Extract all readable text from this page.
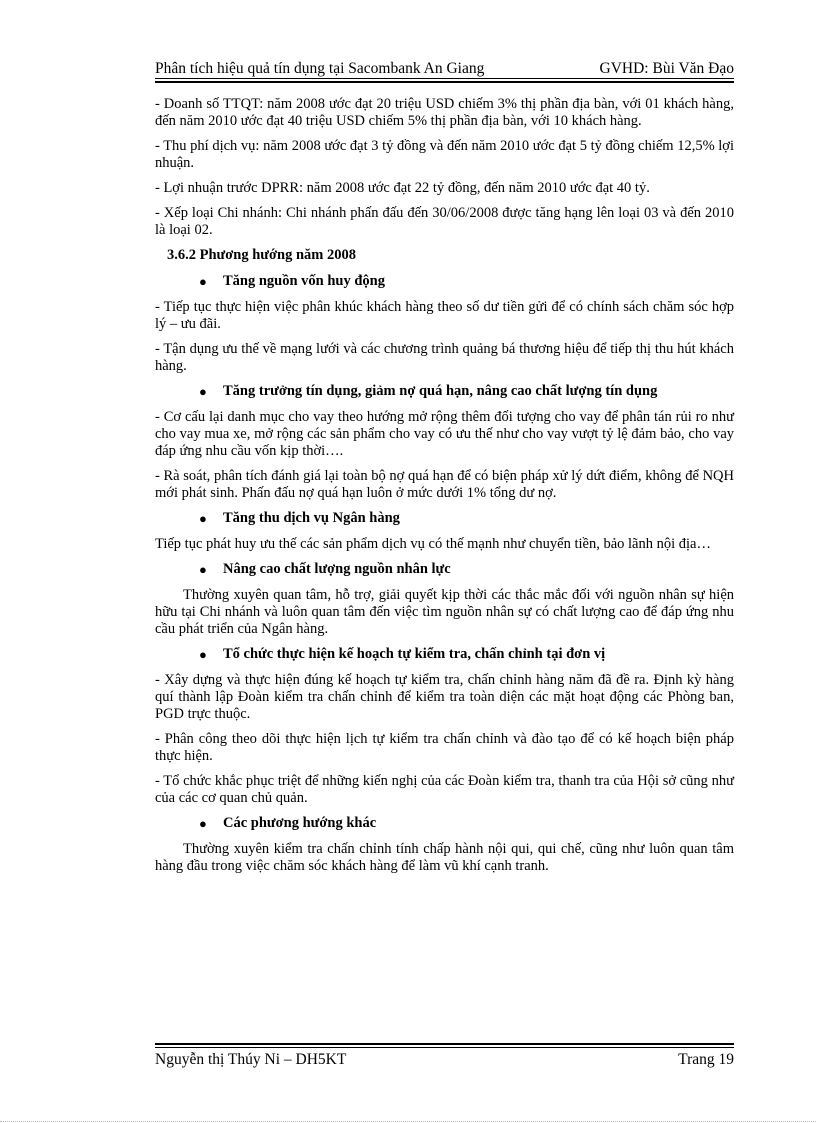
Phân tích hiệu quả tín dụng tại Sacombank An Giang	GVHD: Bùi Văn Đạo

- Doanh số TTQT: năm 2008 ước đạt 20 triệu USD chiếm 3% thị phần địa bàn, với 01 khách hàng, đến năm 2010 ước đạt 40 triệu USD chiếm 5% thị phần địa bàn, với 10 khách hàng.

- Thu phí dịch vụ: năm 2008 ước đạt 3 tỷ đồng và đến năm 2010 ước đạt 5 tỷ đồng chiếm 12,5% lợi nhuận.

- Lợi nhuận trước DPRR: năm 2008 ước đạt 22 tỷ đồng, đến năm 2010 ước đạt 40 tỷ.

- Xếp loại Chi nhánh: Chi nhánh phấn đấu đến 30/06/2008 được tăng hạng lên loại 03 và đến 2010 là loại 02.

3.6.2 Phương hướng năm 2008
●	Tăng nguồn vốn huy động

- Tiếp tục thực hiện việc phân khúc khách hàng theo số dư tiền gửi để có chính sách chăm sóc hợp lý – ưu đãi.

- Tận dụng ưu thế về mạng lưới và các chương trình quảng bá thương hiệu để tiếp thị thu hút khách hàng.

●	Tăng trưởng tín dụng, giảm nợ quá hạn, nâng cao chất lượng tín dụng

- Cơ cấu lại danh mục cho vay theo hướng mở rộng thêm đối tượng cho vay để phân tán rủi ro như cho vay mua xe, mở rộng các sản phẩm cho vay có ưu thế như cho vay vượt tỷ lệ đảm bảo, cho vay đáp ứng nhu cầu vốn kịp thời….

- Rà soát, phân tích đánh giá lại toàn bộ nợ quá hạn để có biện pháp xử lý dứt điểm, không để NQH mới phát sinh. Phấn đấu nợ quá hạn luôn ở mức dưới 1% tổng dư nợ.

●	Tăng thu dịch vụ Ngân hàng

Tiếp tục phát huy ưu thế các sản phẩm dịch vụ có thế mạnh như chuyển tiền, bảo lãnh nội địa…

●	Nâng cao chất lượng nguồn nhân lực

Thường xuyên quan tâm, hỗ trợ, giải quyết kịp thời các thắc mắc đối với nguồn nhân sự hiện hữu tại Chi nhánh và luôn quan tâm đến việc tìm nguồn nhân sự có chất lượng cao để đáp ứng nhu cầu phát triển của Ngân hàng.

●	Tổ chức thực hiện kế hoạch tự kiểm tra, chấn chỉnh tại đơn vị

- Xây dựng và thực hiện đúng kế hoạch tự kiểm tra, chấn chỉnh hàng năm đã đề ra. Định kỳ hàng quí thành lập Đoàn kiểm tra chấn chỉnh để kiểm tra toàn diện các mặt hoạt động các Phòng ban, PGD trực thuộc.

- Phân công theo dõi thực hiện lịch tự kiểm tra chấn chỉnh và đào tạo để có kế hoạch biện pháp thực hiện.

- Tổ chức khắc phục triệt để những kiến nghị của các Đoàn kiểm tra, thanh tra của Hội sở cũng như của các cơ quan chủ quản.

●	Các phương hướng khác

Thường xuyên kiểm tra chấn chỉnh tính chấp hành nội qui, qui chế, cũng như luôn quan tâm hàng đầu trong việc chăm sóc khách hàng để làm vũ khí cạnh tranh.

Nguyễn thị Thúy Ni – DH5KT	Trang 19
